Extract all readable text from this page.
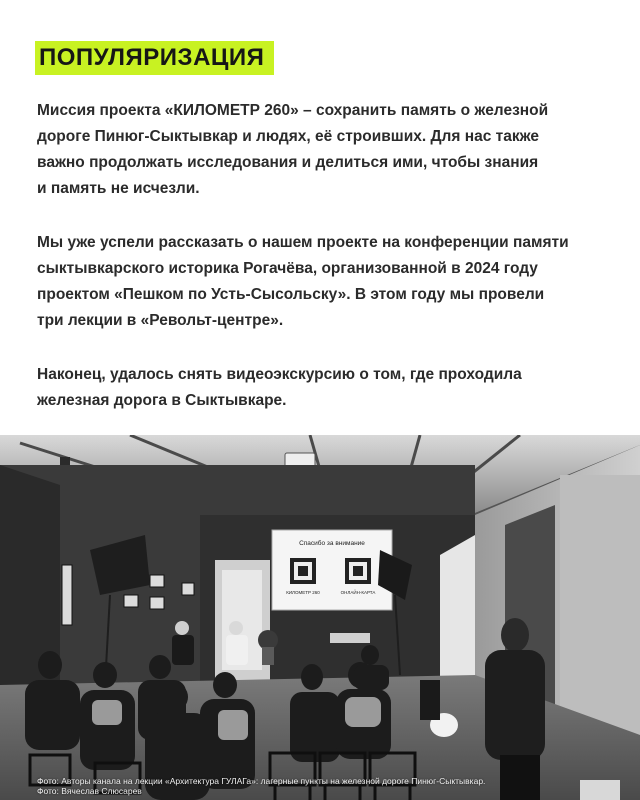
ПОПУЛЯРИЗАЦИЯ

Миссия проекта «КИЛОМЕТР 260» – сохранить память о железной
дороге Пинюг-Сыктывкар и людях, её строивших. Для нас также
важно продолжать исследования и делиться ими, чтобы знания
и память не исчезли.

Мы уже успели рассказать о нашем проекте на конференции памяти
сыктывкарского историка Рогачёва, организованной в 2024 году
проектом «Пешком по Усть-Сысольску». В этом году мы провели
три лекции в «Револьт-центре».

Наконец, удалось снять видеоэкскурсию о том, где проходила
железная дорога в Сыктывкаре.

Спасибо за внимание
КИЛОМЕТР 260	ОНЛАЙН-КАРТА
Фото: Авторы канала на лекции «Архитектура ГУЛАГа»: лагерные пункты на железной дороге Пинюг-Сыктывкар.
Фото: Вячеслав Слюсарев
